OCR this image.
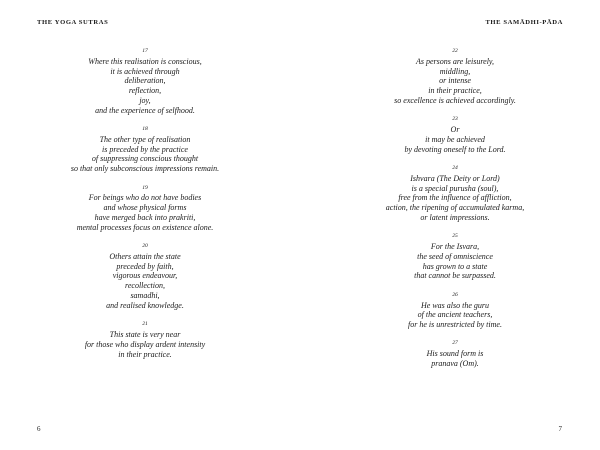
THE YOGA SUTRAS
17
Where this realisation is conscious,
it is achieved through
deliberation,
reflection,
joy,
and the experience of selfhood.
18
The other type of realisation
is preceded by the practice
of suppressing conscious thought
so that only subconscious impressions remain.
19
For beings who do not have bodies
and whose physical forms
have merged back into prakriti,
mental processes focus on existence alone.
20
Others attain the state
preceded by faith,
vigorous endeavour,
recollection,
samadhi,
and realised knowledge.
21
This state is very near
for those who display ardent intensity
in their practice.
6
THE SAMĀDHI-PĀDA
22
As persons are leisurely,
middling,
or intense
in their practice,
so excellence is achieved accordingly.
23
Or
it may be achieved
by devoting oneself to the Lord.
24
Ishvara (The Deity or Lord)
is a special purusha (soul),
free from the influence of affliction,
action, the ripening of accumulated karma,
or latent impressions.
25
For the Isvara,
the seed of omniscience
has grown to a state
that cannot be surpassed.
26
He was also the guru
of the ancient teachers,
for he is unrestricted by time.
27
His sound form is
pranava (Om).
7
